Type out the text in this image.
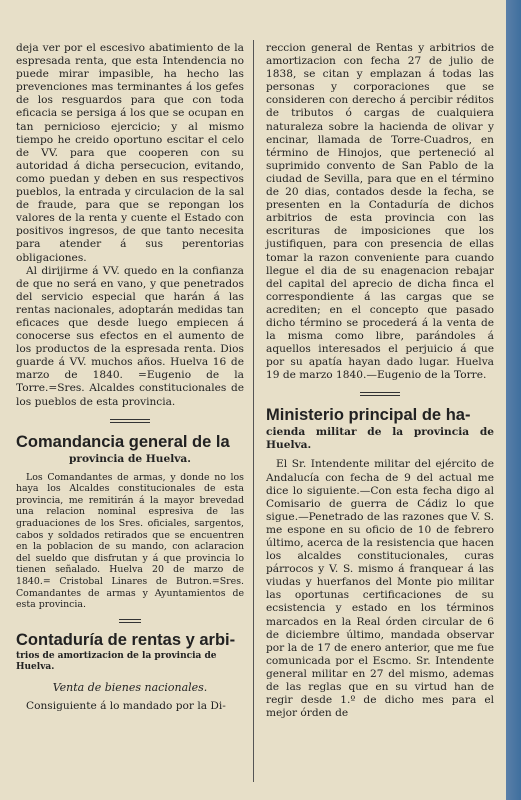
deja ver por el escesivo abatimiento de la espresada renta, que esta Intendencia no puede mirar impasible, ha hecho las prevenciones mas terminantes á los gefes de los resguardos para que con toda eficacia se persiga á los que se ocupan en tan pernicioso ejercicio; y al mismo tiempo he creido oportuno escitar el celo de VV. para que cooperen con su autoridad á dicha persecucion, evitando, como puedan y deben en sus respectivos pueblos, la entrada y circulacion de la sal de fraude, para que se repongan los valores de la renta y cuente el Estado con positivos ingresos, de que tanto necesita para atender á sus perentorias obligaciones.

Al dirijirme á VV. quedo en la confianza de que no será en vano, y que penetrados del servicio especial que harán á las rentas nacionales, adoptarán medidas tan eficaces que desde luego empiecen á conocerse sus efectos en el aumento de los productos de la espresada renta. Dios guarde á VV. muchos años. Huelva 16 de marzo de 1840. =Eugenio de la Torre.=Sres. Alcaldes constitucionales de los pueblos de esta provincia.

Comandancia general de la
provincia de Huelva.

Los Comandantes de armas, y donde no los haya los Alcaldes constitucionales de esta provincia, me remitirán á la mayor brevedad una relacion nominal espresiva de las graduaciones de los Sres. oficiales, sargentos, cabos y soldados retirados que se encuentren en la poblacion de su mando, con aclaracion del sueldo que disfrutan y á que provincia lo tienen señalado. Huelva 20 de marzo de 1840.= Cristobal Linares de Butron.=Sres. Comandantes de armas y Ayuntamientos de esta provincia.

Contaduría de rentas y arbi-
trios de amortizacion de la provincia de Huelva.
Venta de bienes nacionales.

Consiguiente á lo mandado por la Di-

reccion general de Rentas y arbitrios de amortizacion con fecha 27 de julio de 1838, se citan y emplazan á todas las personas y corporaciones que se consideren con derecho á percibir réditos de tributos ó cargas de cualquiera naturaleza sobre la hacienda de olivar y encinar, llamada de Torre-Cuadros, en término de Hinojos, que perteneció al suprimido convento de San Pablo de la ciudad de Sevilla, para que en el término de 20 dias, contados desde la fecha, se presenten en la Contaduría de dichos arbitrios de esta provincia con las escrituras de imposiciones que los justifiquen, para con presencia de ellas tomar la razon conveniente para cuando llegue el dia de su enagenacion rebajar del capital del aprecio de dicha finca el correspondiente á las cargas que se acrediten; en el concepto que pasado dicho término se procederá á la venta de la misma como libre, parándoles á aquellos interesados el perjuicio á que por su apatía hayan dado lugar. Huelva 19 de marzo 1840.—Eugenio de la Torre.

Ministerio principal de ha-
cienda militar de la provincia de Huelva.

El Sr. Intendente militar del ejército de Andalucía con fecha de 9 del actual me dice lo siguiente.—Con esta fecha digo al Comisario de guerra de Cádiz lo que sigue.—Penetrado de las razones que V. S. me espone en su oficio de 10 de febrero último, acerca de la resistencia que hacen los alcaldes constitucionales, curas párrocos y V. S. mismo á franquear á las viudas y huerfanos del Monte pio militar las oportunas certificaciones de su ecsistencia y estado en los términos marcados en la Real órden circular de 6 de diciembre último, mandada observar por la de 17 de enero anterior, que me fue comunicada por el Escmo. Sr. Intendente general militar en 27 del mismo, ademas de las reglas que en su virtud han de regir desde 1.º de dicho mes para el mejor órden de
